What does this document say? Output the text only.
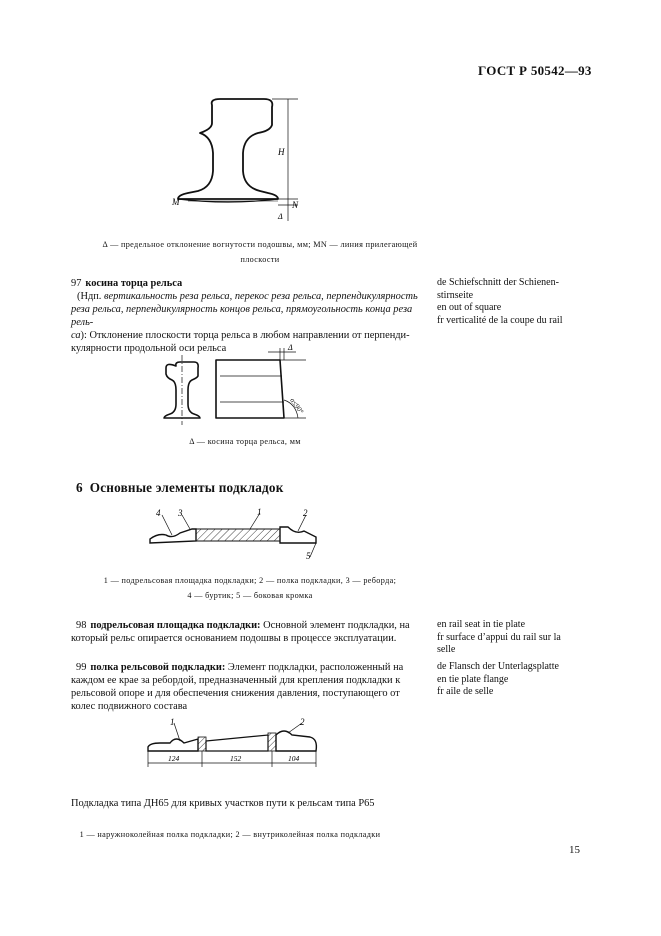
ГОСТ Р 50542—93
H
M	N
Δ
Δ — предельное отклонение вогнутости подошвы, мм; MN — линия прилегающей
плоскости
97 косина торца рельса
(Ндп. вертикальность реза рельса, перекос реза рельса, перпендикулярность
реза рельса, перпендикулярность концов рельса, прямоугольность конца реза рель-
са): Отклонение плоскости торца рельса в любом направлении от перпенди-
кулярности продольной оси рельса
de Schiefschnitt der Schienen-
stirnseite
en out of square
fr verticalité de la coupe du rail
Δ
α≤90°
Δ — косина торца рельса, мм
6 Основные элементы подкладок
4 3	1	2
5
1 — подрельсовая площадка подкладки; 2 — полка подкладки, 3 — реборда;
4 — буртик; 5 — боковая кромка
98 подрельсовая площадка подкладки: Основной элемент подкладки, на
который рельс опирается основанием подошвы в процессе эксплуатации.
en rail seat in tie plate
fr surface d’appui du rail sur la
selle
99 полка рельсовой подкладки: Элемент подкладки, расположенный на
каждом ее крае за ребордой, предназначенный для крепления подкладки к
рельсовой опоре и для обеспечения снижения давления, поступающего от
колес подвижного состава
de Flansch der Unterlagsplatte
en tie plate flange
fr aile de selle
1	2
124	152	104
Подкладка типа ДН65 для кривых участков пути к рельсам типа Р65
1 — наружноколейная полка подкладки; 2 — внутриколейная полка подкладки
15
